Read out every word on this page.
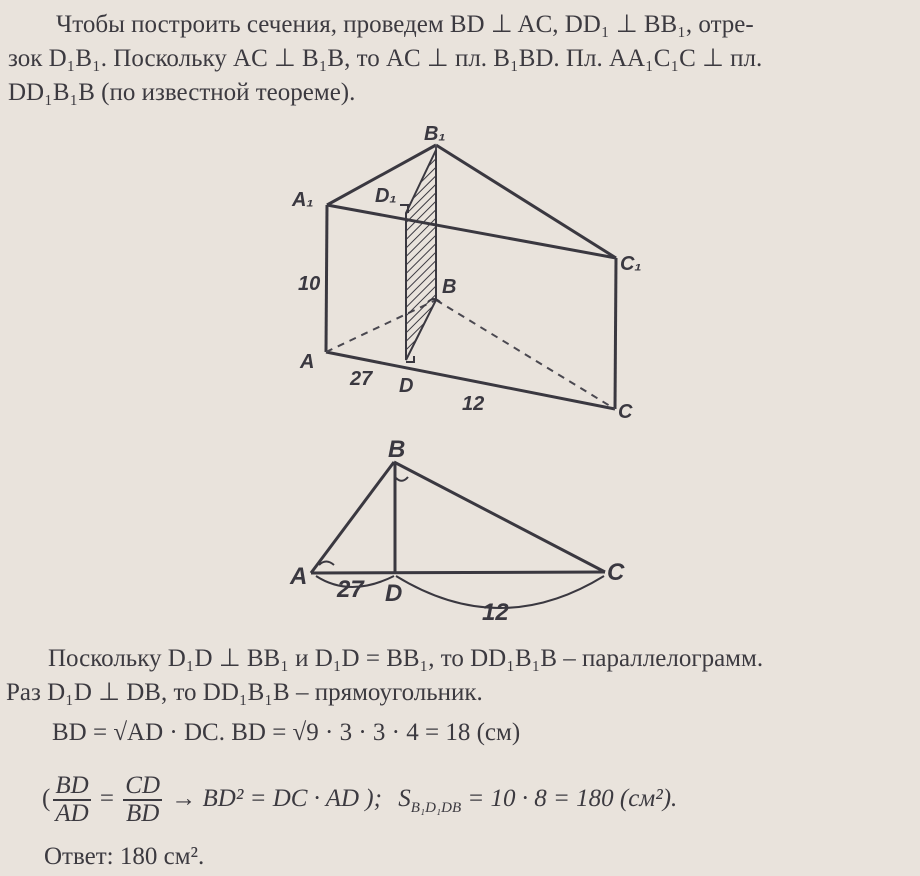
Чтобы построить сечения, проведем BD ⊥ AC, DD₁ ⊥ BB₁, отре-
зок D₁B₁. Поскольку AC ⊥ B₁B, то AC ⊥ пл. B₁BD. Пл. AA₁C₁C ⊥ пл.
DD₁B₁B (по известной теореме).
B₁
A₁	D₁
C₁
B
A
D
C
10
27
12
B
A
D
C
27
12
Поскольку D₁D ⊥ BB₁ и D₁D = BB₁, то DD₁B₁B – параллелограмм.
Раз D₁D ⊥ DB, то DD₁B₁B – прямоугольник.
BD = √AD · DC. BD = √9 · 3 · 3 · 4 = 18 (см)
( $\frac{BD}{AD} = \frac{CD}{BD} \to BD^2$ = DC · AD ); $S_{B_1D_1DB} = 10 \cdot 8 = 180$ (см²).
Ответ: 180 см².
